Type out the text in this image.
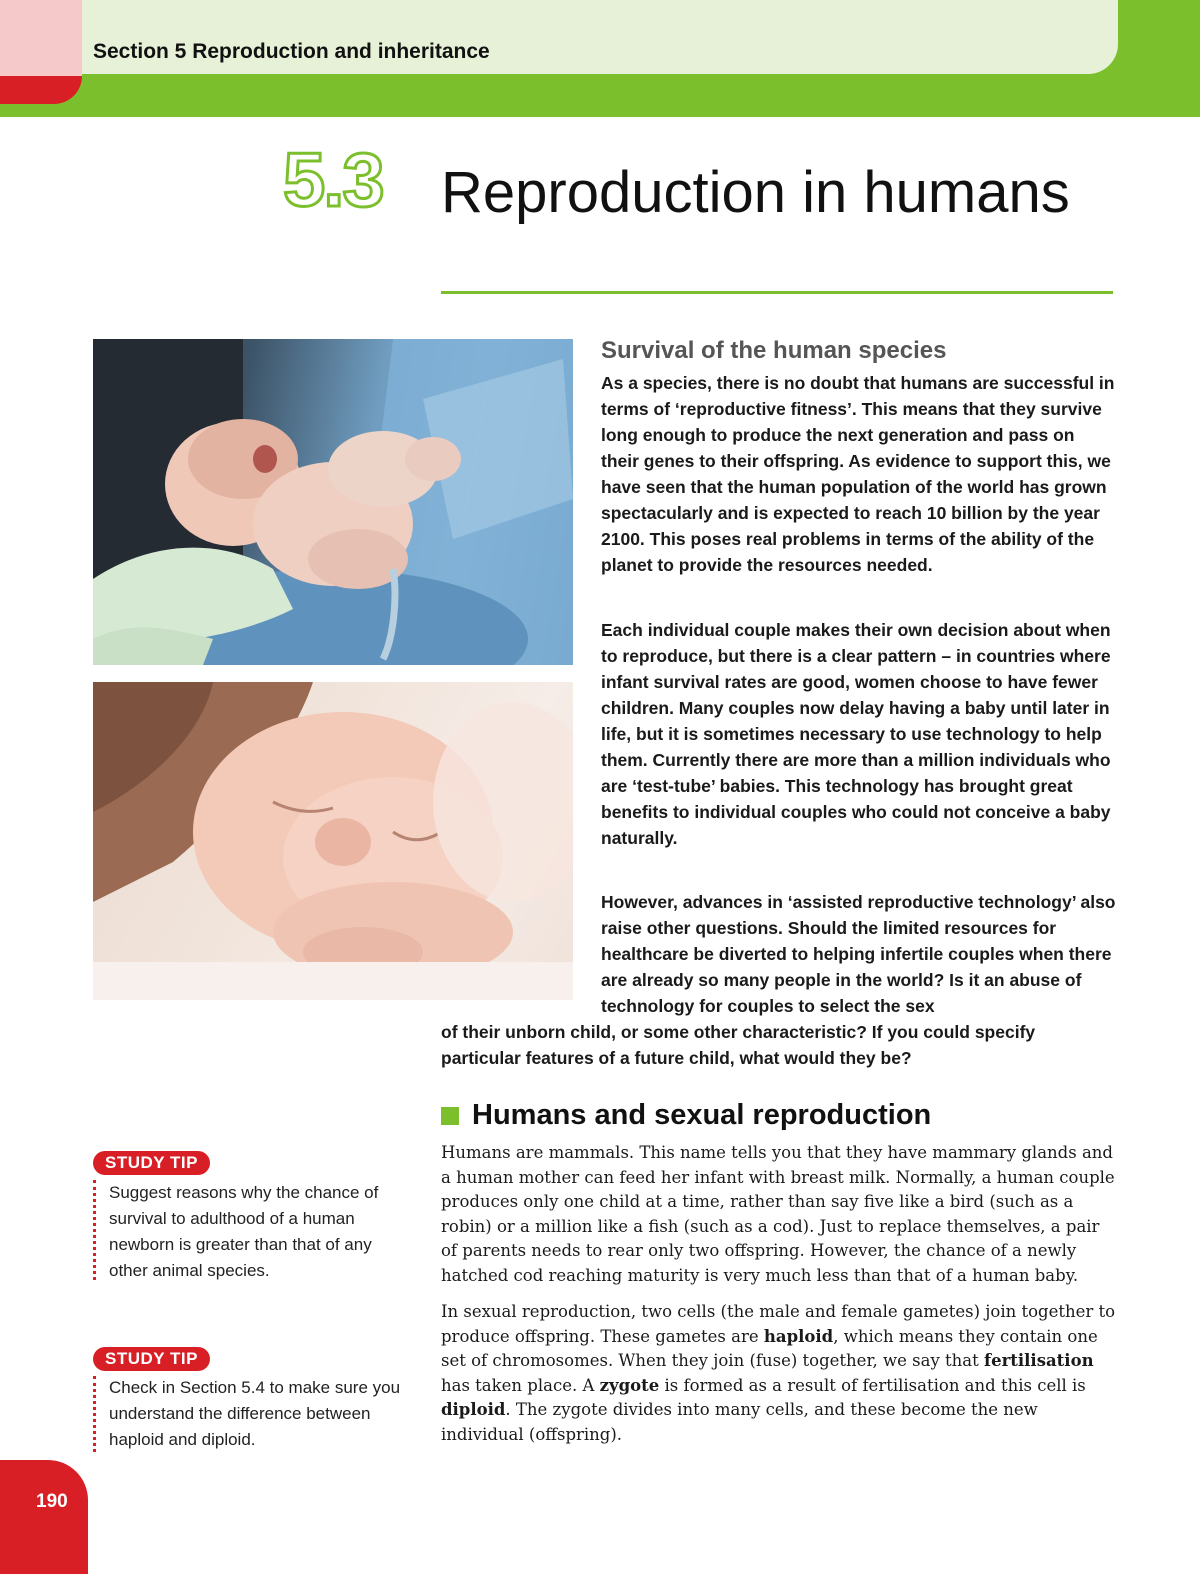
Section 5 Reproduction and inheritance
5.3 Reproduction in humans
Survival of the human species

As a species, there is no doubt that humans are successful in terms of ‘reproductive fitness’. This means that they survive long enough to produce the next generation and pass on their genes to their offspring. As evidence to support this, we have seen that the human population of the world has grown spectacularly and is expected to reach 10 billion by the year 2100. This poses real problems in terms of the ability of the planet to provide the resources needed.

Each individual couple makes their own decision about when to reproduce, but there is a clear pattern – in countries where infant survival rates are good, women choose to have fewer children. Many couples now delay having a baby until later in life, but it is sometimes necessary to use technology to help them. Currently there are more than a million individuals who are ‘test-tube’ babies. This technology has brought great benefits to individual couples who could not conceive a baby naturally.

However, advances in ‘assisted reproductive technology’ also raise other questions. Should the limited resources for healthcare be diverted to helping infertile couples when there are already so many people in the world? Is it an abuse of technology for couples to select the sex

of their unborn child, or some other characteristic? If you could specify particular features of a future child, what would they be?

Humans and sexual reproduction

Humans are mammals. This name tells you that they have mammary glands and a human mother can feed her infant with breast milk. Normally, a human couple produces only one child at a time, rather than say five like a bird (such as a robin) or a million like a fish (such as a cod). Just to replace themselves, a pair of parents needs to rear only two offspring. However, the chance of a newly hatched cod reaching maturity is very much less than that of a human baby.

In sexual reproduction, two cells (the male and female gametes) join together to produce offspring. These gametes are haploid, which means they contain one set of chromosomes. When they join (fuse) together, we say that fertilisation has taken place. A zygote is formed as a result of fertilisation and this cell is diploid. The zygote divides into many cells, and these become the new individual (offspring).

STUDY TIP

Suggest reasons why the chance of survival to adulthood of a human newborn is greater than that of any other animal species.

STUDY TIP

Check in Section 5.4 to make sure you understand the difference between haploid and diploid.

190
